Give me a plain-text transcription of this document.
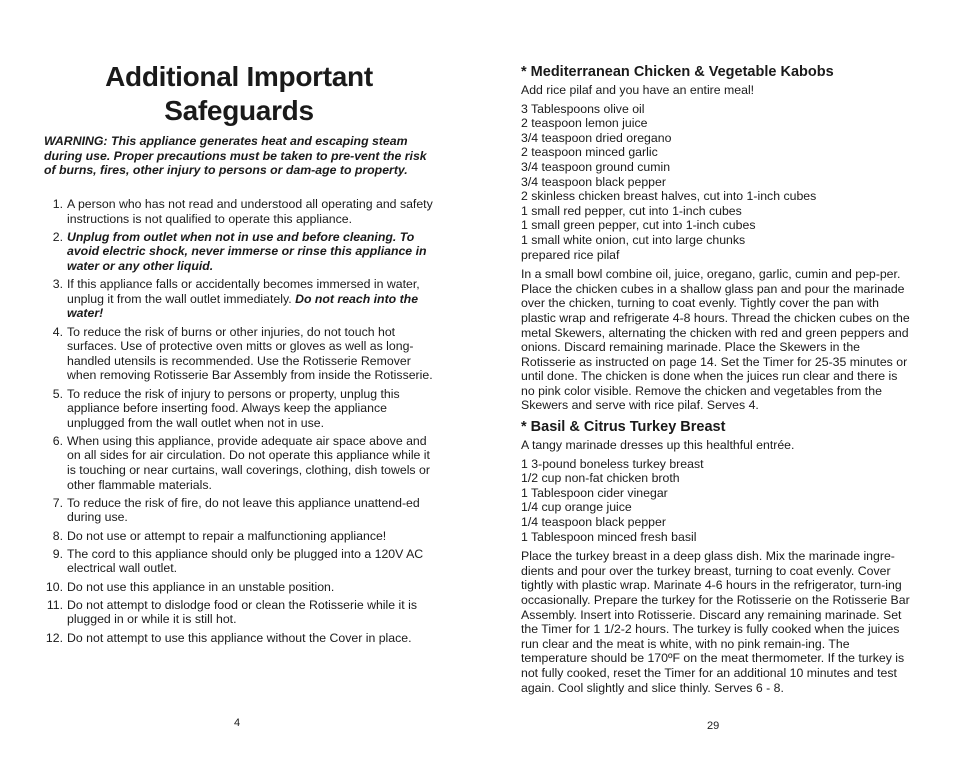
Additional Important Safeguards

WARNING: This appliance generates heat and escaping steam during use. Proper precautions must be taken to pre-vent the risk of burns, fires, other injury to persons or dam-age to property.

1. A person who has not read and understood all operating and safety instructions is not qualified to operate this appliance.
2. Unplug from outlet when not in use and before cleaning. To avoid electric shock, never immerse or rinse this appliance in water or any other liquid.
3. If this appliance falls or accidentally becomes immersed in water, unplug it from the wall outlet immediately. Do not reach into the water!
4. To reduce the risk of burns or other injuries, do not touch hot surfaces. Use of protective oven mitts or gloves as well as long-handled utensils is recommended. Use the Rotisserie Remover when removing Rotisserie Bar Assembly from inside the Rotisserie.
5. To reduce the risk of injury to persons or property, unplug this appliance before inserting food. Always keep the appliance unplugged from the wall outlet when not in use.
6. When using this appliance, provide adequate air space above and on all sides for air circulation. Do not operate this appliance while it is touching or near curtains, wall coverings, clothing, dish towels or other flammable materials.
7. To reduce the risk of fire, do not leave this appliance unattend-ed during use.
8. Do not use or attempt to repair a malfunctioning appliance!
9. The cord to this appliance should only be plugged into a 120V AC electrical wall outlet.
10. Do not use this appliance in an unstable position.
11. Do not attempt to dislodge food or clean the Rotisserie while it is plugged in or while it is still hot.
12. Do not attempt to use this appliance without the Cover in place.
4
* Mediterranean Chicken & Vegetable Kabobs

Add rice pilaf and you have an entire meal!

3 Tablespoons olive oil
2 teaspoon lemon juice
3/4 teaspoon dried oregano
2 teaspoon minced garlic
3/4 teaspoon ground cumin
3/4 teaspoon black pepper
2 skinless chicken breast halves, cut into 1-inch cubes
1 small red pepper, cut into 1-inch cubes
1 small green pepper, cut into 1-inch cubes
1 small white onion, cut into large chunks
prepared rice pilaf

In a small bowl combine oil, juice, oregano, garlic, cumin and pep-per. Place the chicken cubes in a shallow glass pan and pour the marinade over the chicken, turning to coat evenly. Tightly cover the pan with plastic wrap and refrigerate 4-8 hours. Thread the chicken cubes on the metal Skewers, alternating the chicken with red and green peppers and onions. Discard remaining marinade. Place the Skewers in the Rotisserie as instructed on page 14. Set the Timer for 25-35 minutes or until done. The chicken is done when the juices run clear and there is no pink color visible. Remove the chicken and vegetables from the Skewers and serve with rice pilaf. Serves 4.

* Basil & Citrus Turkey Breast

A tangy marinade dresses up this healthful entrée.

1 3-pound boneless turkey breast
1/2 cup non-fat chicken broth
1 Tablespoon cider vinegar
1/4 cup orange juice
1/4 teaspoon black pepper
1 Tablespoon minced fresh basil

Place the turkey breast in a deep glass dish. Mix the marinade ingre-dients and pour over the turkey breast, turning to coat evenly. Cover tightly with plastic wrap. Marinate 4-6 hours in the refrigerator, turn-ing occasionally. Prepare the turkey for the Rotisserie on the Rotisserie Bar Assembly. Insert into Rotisserie. Discard any remaining marinade. Set the Timer for 1 1/2-2 hours. The turkey is fully cooked when the juices run clear and the meat is white, with no pink remain-ing. The temperature should be 170ºF on the meat thermometer. If the turkey is not fully cooked, reset the Timer for an additional 10 minutes and test again. Cool slightly and slice thinly. Serves 6 - 8.

29
